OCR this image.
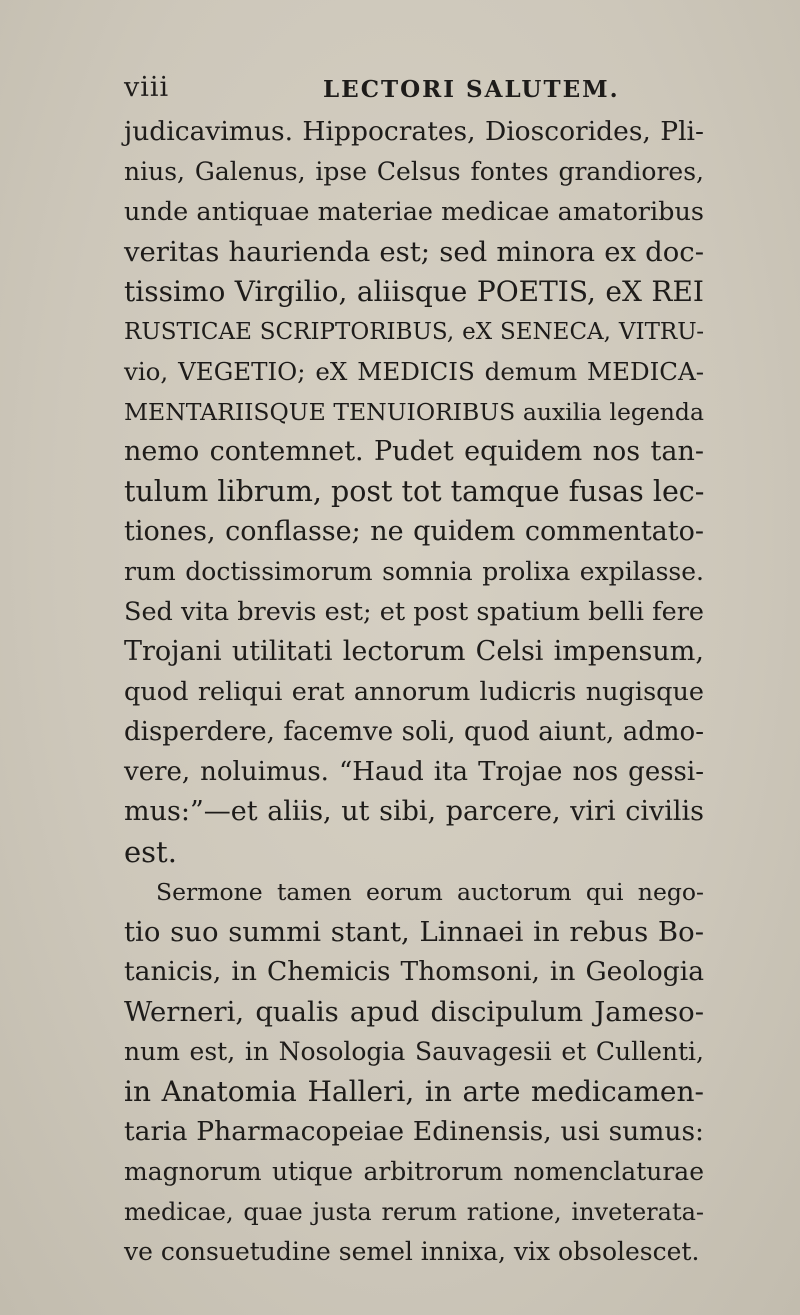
viii	LECTORI SALUTEM.
judicavimus. Hippocrates, Dioscorides, Pli-
nius, Galenus, ipse Celsus fontes grandiores,
unde antiquae materiae medicae amatoribus
veritas haurienda est; sed minora ex doc-
tissimo Virgilio, aliisque POETIS, eX REI
RUSTICAE SCRIPTORIBUS, eX SENECA, VITRU-
vio, VEGETIO; eX MEDICIS demum MEDICA-
MENTARIISQUE TENUIORIBUS auxilia legenda
nemo contemnet. Pudet equidem nos tan-
tulum librum, post tot tamque fusas lec-
tiones, conflasse; ne quidem commentato-
rum doctissimorum somnia prolixa expilasse.
Sed vita brevis est; et post spatium belli fere
Trojani utilitati lectorum Celsi impensum,
quod reliqui erat annorum ludicris nugisque
disperdere, facemve soli, quod aiunt, admo-
vere, noluimus. “Haud ita Trojae nos gessi-
mus:”—et aliis, ut sibi, parcere, viri civilis
est.
Sermone tamen eorum auctorum qui nego-
tio suo summi stant, Linnaei in rebus Bo-
tanicis, in Chemicis Thomsoni, in Geologia
Werneri, qualis apud discipulum Jameso-
num est, in Nosologia Sauvagesii et Cullenti,
in Anatomia Halleri, in arte medicamen-
taria Pharmacopeiae Edinensis, usi sumus:
magnorum utique arbitrorum nomenclaturae
medicae, quae justa rerum ratione, inveterata-
ve consuetudine semel innixa, vix obsolescet.
